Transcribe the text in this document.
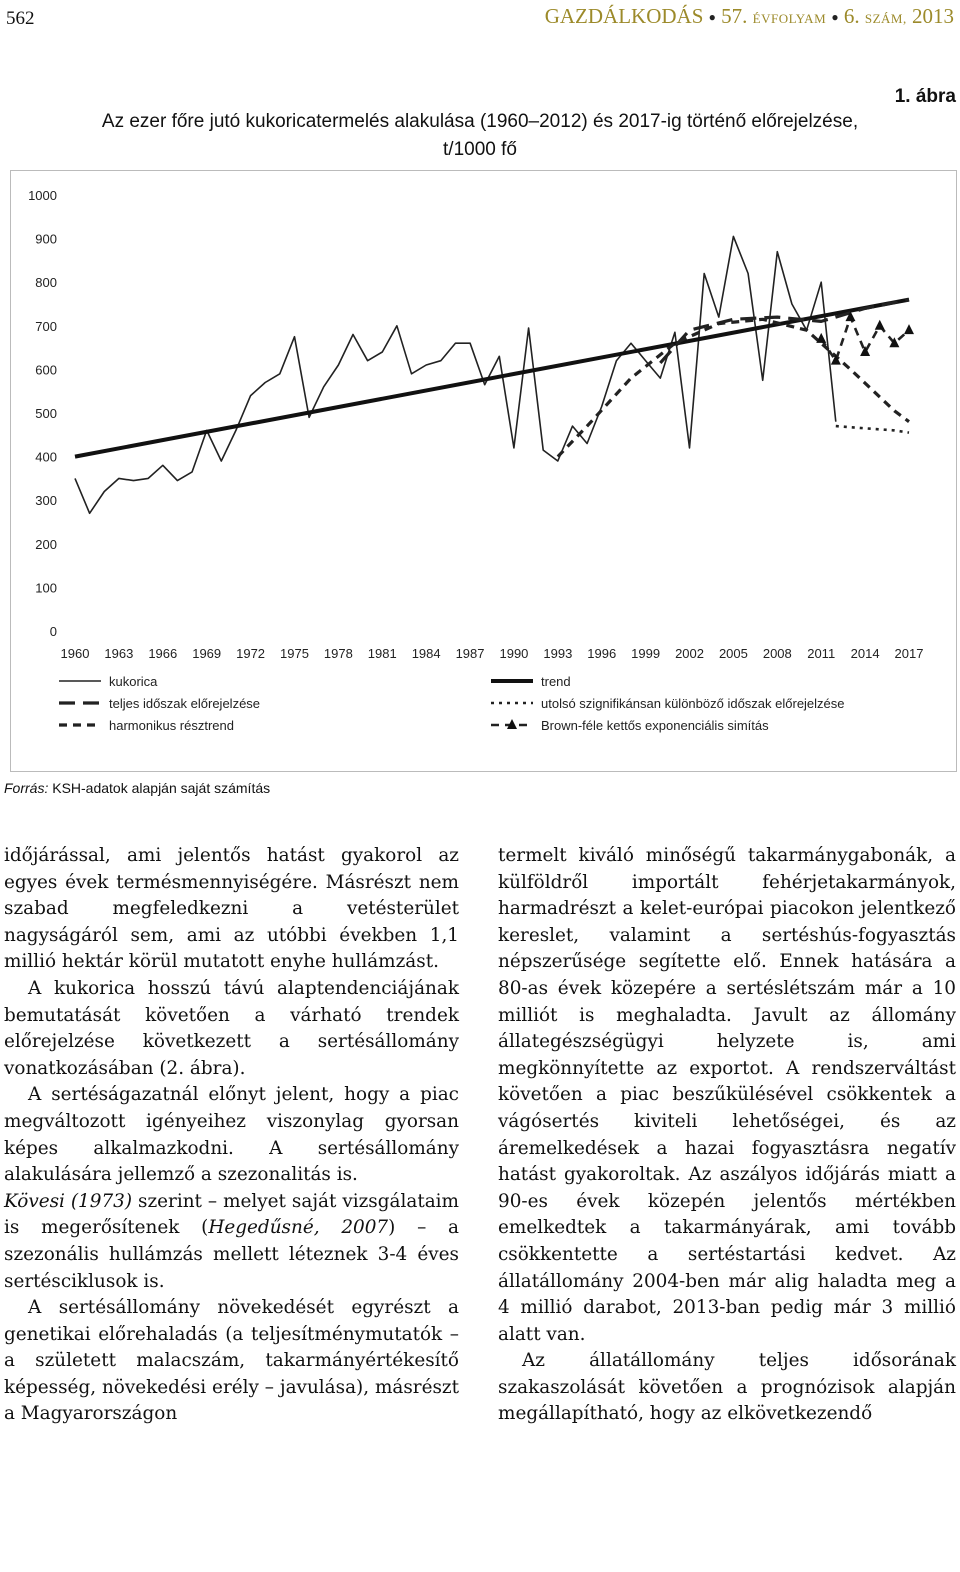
562	GAZDÁLKODÁS ● 57. ÉVFOLYAM ● 6. SZÁM, 2013
1. ábra
Az ezer főre jutó kukoricatermelés alakulása (1960–2012) és 2017-ig történő előrejelzése,
t/1000 fő
0
100
200
300
400
500
600
700
800
900
1000
1960 1963 1966 1969 1972 1975 1978 1981 1984 1987 1990 1993 1996 1999 2002 2005 2008 2011 2014 2017
kukorica	trend
teljes időszak előrejelzése	utolsó szignifikánsan különböző időszak előrejelzése
harmonikus résztrend	Brown-féle kettős exponenciális simítás
Forrás: KSH-adatok alapján saját számítás

időjárással, ami jelentős hatást gyakorol az egyes évek termésmennyiségére. Másrészt nem szabad megfeledkezni a vetésterület nagyságáról sem, ami az utóbbi években 1,1 millió hektár körül mutatott enyhe hullámzást.

A kukorica hosszú távú alaptendenciájának bemutatását követően a várható trendek előrejelzése következett a sertésállomány vonatkozásában (2. ábra).

A sertéságazatnál előnyt jelent, hogy a piac megváltozott igényeihez viszonylag gyorsan képes alkalmazkodni. A sertésállomány alakulására jellemző a szezonalitás is.

Kövesi (1973) szerint – melyet saját vizsgálataim is megerősítenek (Hegedűsné, 2007) – a szezonális hullámzás mellett léteznek 3-4 éves sertésciklusok is.

A sertésállomány növekedését egyrészt a genetikai előrehaladás (a teljesítménymutatók – a született malacszám, takarmányértékesítő képesség, növekedési erély – javulása), másrészt a Magyarországon

termelt kiváló minőségű takarmánygabonák, a külföldről importált fehérjetakarmányok, harmadrészt a kelet-európai piacokon jelentkező kereslet, valamint a sertéshús-fogyasztás népszerűsége segítette elő. Ennek hatására a 80-as évek közepére a sertéslétszám már a 10 milliót is meghaladta. Javult az állomány állategészségügyi helyzete is, ami megkönnyítette az exportot. A rendszerváltást követően a piac beszűkülésével csökkentek a vágósertés kiviteli lehetőségei, és az áremelkedések a hazai fogyasztásra negatív hatást gyakoroltak. Az aszályos időjárás miatt a 90-es évek közepén jelentős mértékben emelkedtek a takarmányárak, ami tovább csökkentette a sertéstartási kedvet. Az állatállomány 2004-ben már alig haladta meg a 4 millió darabot, 2013-ban pedig már 3 millió alatt van.

Az állatállomány teljes idősorának szakaszolását követően a prognózisok alapján megállapítható, hogy az elkövetkezendő
